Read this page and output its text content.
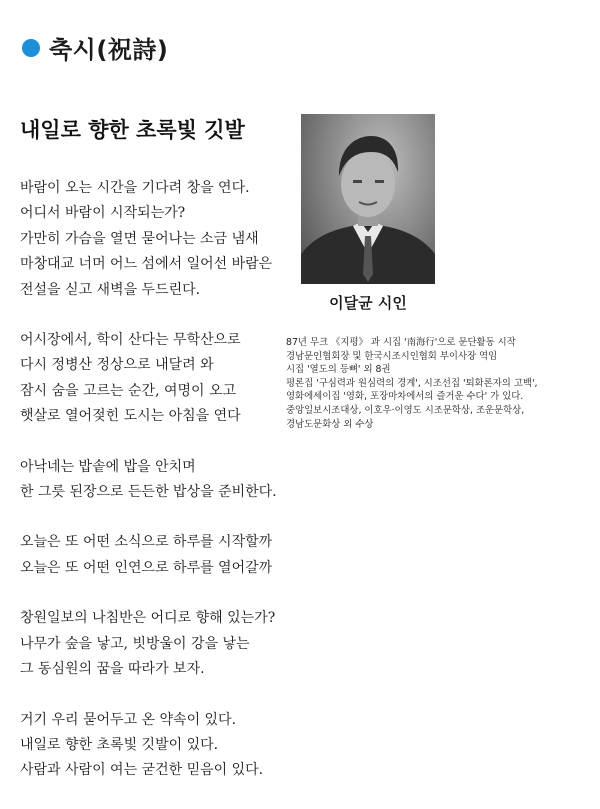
축시(祝詩)
내일로 향한 초록빛 깃발
바람이 오는 시간을 기다려 창을 연다.
어디서 바람이 시작되는가?
가만히 가슴을 열면 묻어나는 소금 냄새
마창대교 너머 어느 섬에서 일어선 바람은
전설을 싣고 새벽을 두드린다.
어시장에서, 학이 산다는 무학산으로
다시 정병산 정상으로 내달려 와
잠시 숨을 고르는 순간, 여명이 오고
햇살로 열어젖힌 도시는 아침을 연다
아낙네는 밥솥에 밥을 안치며
한 그릇 된장으로 든든한 밥상을 준비한다.
오늘은 또 어떤 소식으로 하루를 시작할까
오늘은 또 어떤 인연으로 하루를 열어갈까
창원일보의 나침반은 어디로 향해 있는가?
나무가 숲을 낳고, 빗방울이 강을 낳는
그 동심원의 꿈을 따라가 보자.
거기 우리 묻어두고 온 약속이 있다.
내일로 향한 초록빛 깃발이 있다.
사람과 사람이 여는 굳건한 믿음이 있다.
이달균 시인
87년 무크 《지평》 과 시집 '南海行'으로 문단활동 시작
경남문인협회장 및 한국시조시인협회 부이사장 역임
시집 '열도의 등뼈' 외 8권
평론집 '구심력과 원심력의 경계', 시조선집 '퇴화론자의 고백',
영화에세이집 '영화, 포장마차에서의 즐거운 수다' 가 있다.
중앙일보시조대상, 이호우·이영도 시조문학상, 조운문학상,
경남도문화상 외 수상
